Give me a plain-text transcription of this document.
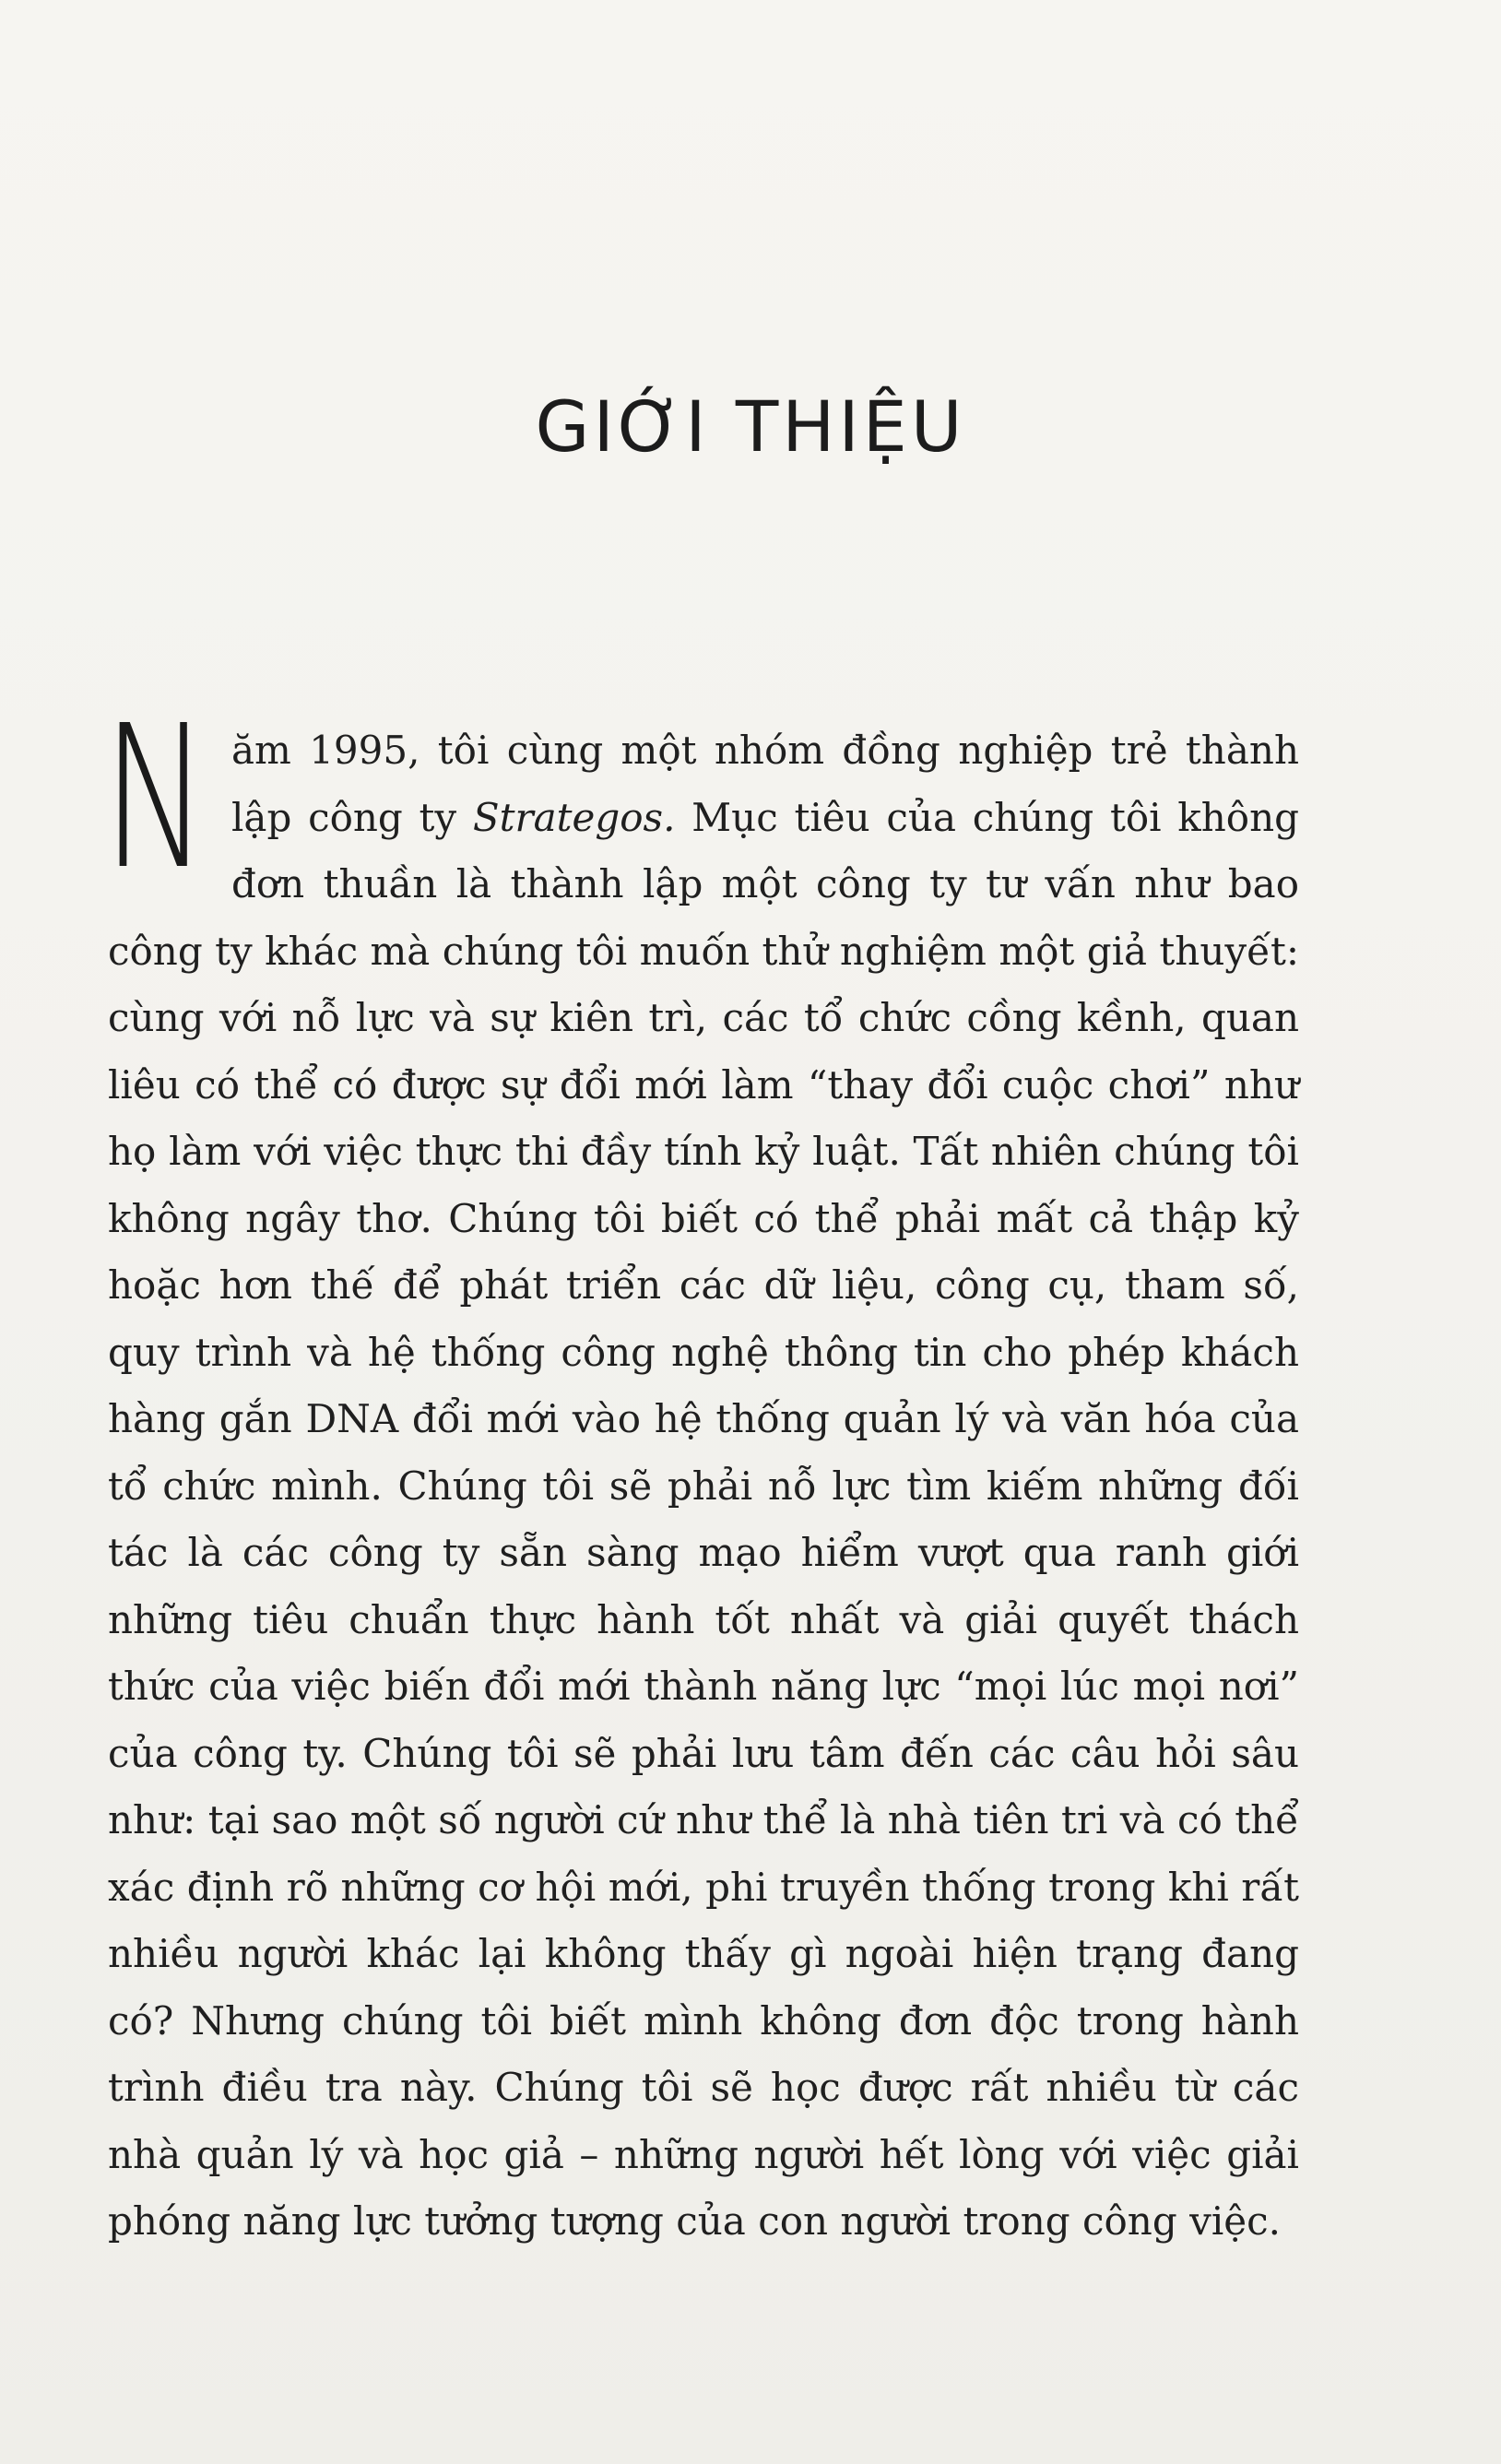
GIỚI THIỆU

Năm 1995, tôi cùng một nhóm đồng nghiệp trẻ thành lập công ty Strategos. Mục tiêu của chúng tôi không đơn thuần là thành lập một công ty tư vấn như bao công ty khác mà chúng tôi muốn thử nghiệm một giả thuyết: cùng với nỗ lực và sự kiên trì, các tổ chức cồng kềnh, quan liêu có thể có được sự đổi mới làm “thay đổi cuộc chơi” như họ làm với việc thực thi đầy tính kỷ luật. Tất nhiên chúng tôi không ngây thơ. Chúng tôi biết có thể phải mất cả thập kỷ hoặc hơn thế để phát triển các dữ liệu, công cụ, tham số, quy trình và hệ thống công nghệ thông tin cho phép khách hàng gắn DNA đổi mới vào hệ thống quản lý và văn hóa của tổ chức mình. Chúng tôi sẽ phải nỗ lực tìm kiếm những đối tác là các công ty sẵn sàng mạo hiểm vượt qua ranh giới những tiêu chuẩn thực hành tốt nhất và giải quyết thách thức của việc biến đổi mới thành năng lực “mọi lúc mọi nơi” của công ty. Chúng tôi sẽ phải lưu tâm đến các câu hỏi sâu như: tại sao một số người cứ như thể là nhà tiên tri và có thể xác định rõ những cơ hội mới, phi truyền thống trong khi rất nhiều người khác lại không thấy gì ngoài hiện trạng đang có? Nhưng chúng tôi biết mình không đơn độc trong hành trình điều tra này. Chúng tôi sẽ học được rất nhiều từ các nhà quản lý và học giả – những người hết lòng với việc giải phóng năng lực tưởng tượng của con người trong công việc.
